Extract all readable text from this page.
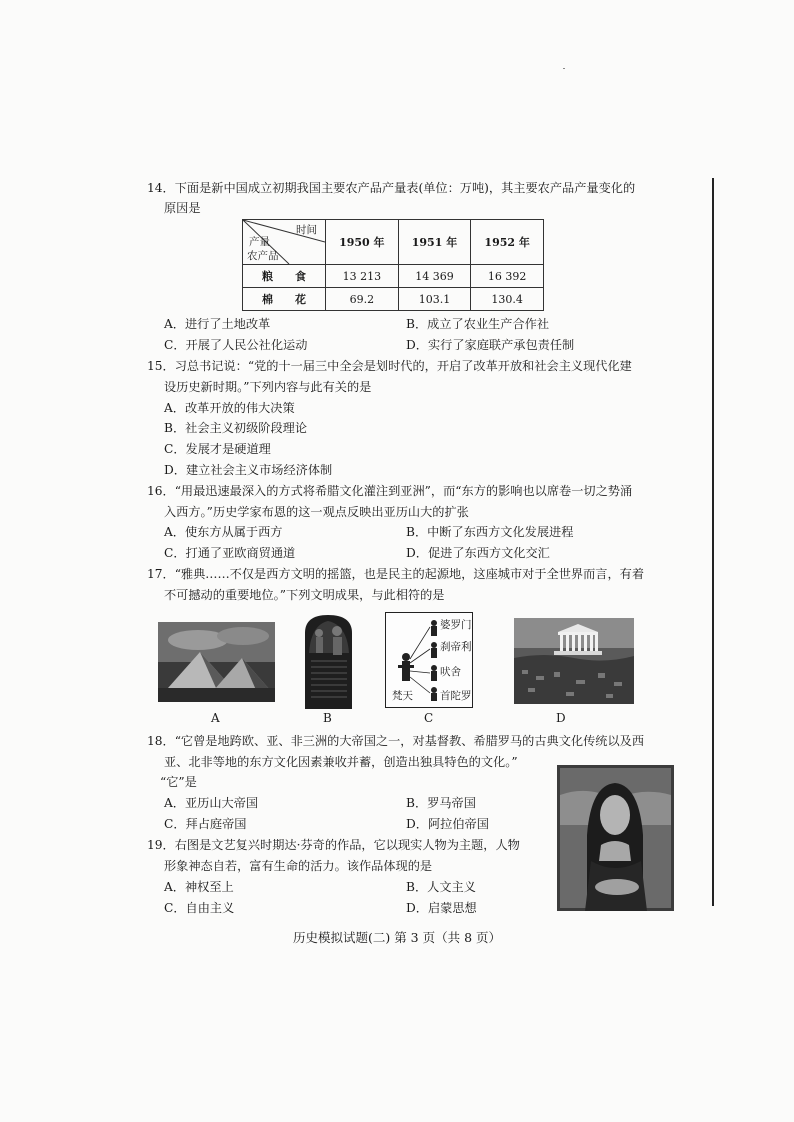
14．下面是新中国成立初期我国主要农产品产量表(单位：万吨)，其主要农产品产量变化的
原因是
时间
产量
农产品	1950 年	1951 年	1952 年
粮　　食	13 213	14 369	16 392
棉　　花	69.2	103.1	130.4
A．进行了土地改革	B．成立了农业生产合作社
C．开展了人民公社化运动	D．实行了家庭联产承包责任制
15．习总书记说：“党的十一届三中全会是划时代的，开启了改革开放和社会主义现代化建
设历史新时期。”下列内容与此有关的是
A．改革开放的伟大决策
B．社会主义初级阶段理论
C．发展才是硬道理
D．建立社会主义市场经济体制
16．“用最迅速最深入的方式将希腊文化灌注到亚洲”，而“东方的影响也以席卷一切之势涌
入西方。”历史学家布恩的这一观点反映出亚历山大的扩张
A．使东方从属于西方	B．中断了东西方文化发展进程
C．打通了亚欧商贸通道	D．促进了东西方文化交汇
17．“雅典……不仅是西方文明的摇篮，也是民主的起源地，这座城市对于全世界而言，有着
不可撼动的重要地位。”下列文明成果，与此相符的是
A	B
婆罗门
刹帝利
吠舍
梵天	首陀罗
C	D
18．“它曾是地跨欧、亚、非三洲的大帝国之一，对基督教、希腊罗马的古典文化传统以及西
亚、北非等地的东方文化因素兼收并蓄，创造出独具特色的文化。”
“它”是
A．亚历山大帝国	B．罗马帝国
C．拜占庭帝国	D．阿拉伯帝国
19．右图是文艺复兴时期达·芬奇的作品，它以现实人物为主题，人物
形象神态自若，富有生命的活力。该作品体现的是
A．神权至上	B．人文主义
C．自由主义	D．启蒙思想
历史模拟试题(二) 第 3 页（共 8 页）
